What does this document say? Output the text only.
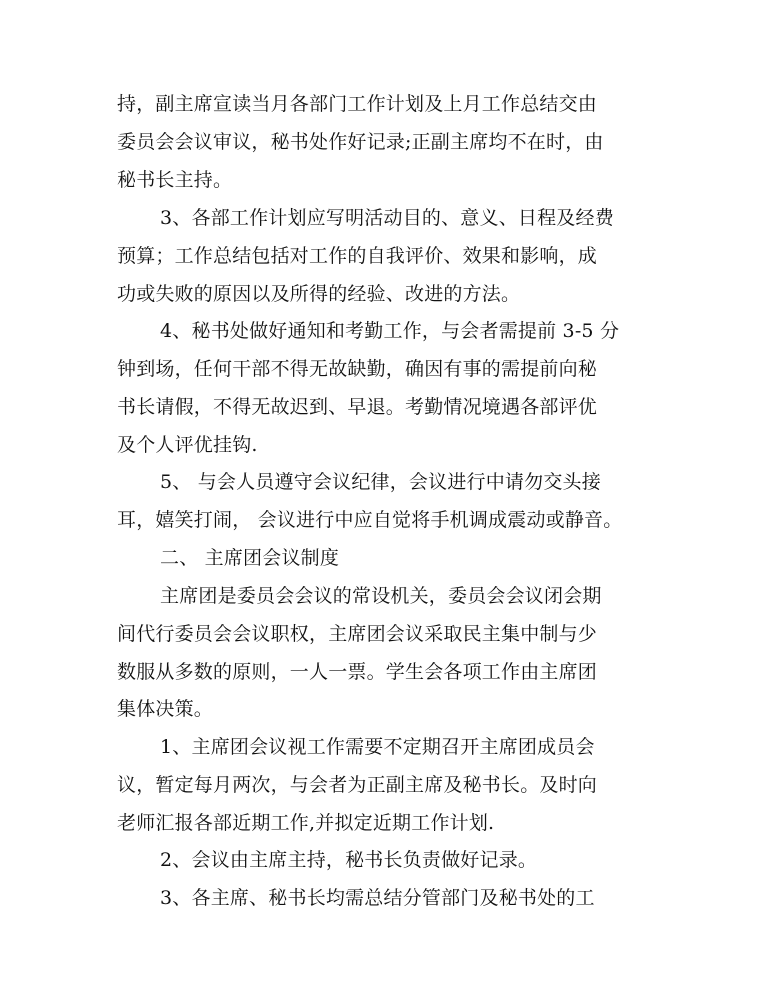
持，副主席宣读当月各部门工作计划及上月工作总结交由
委员会会议审议，秘书处作好记录;正副主席均不在时，由
秘书长主持。
3、各部工作计划应写明活动目的、意义、日程及经费
预算；工作总结包括对工作的自我评价、效果和影响，成
功或失败的原因以及所得的经验、改进的方法。
4、秘书处做好通知和考勤工作，与会者需提前 3-5 分
钟到场，任何干部不得无故缺勤，确因有事的需提前向秘
书长请假，不得无故迟到、早退。考勤情况境遇各部评优
及个人评优挂钩.
5、 与会人员遵守会议纪律，会议进行中请勿交头接
耳，嬉笑打闹， 会议进行中应自觉将手机调成震动或静音。
二、 主席团会议制度
主席团是委员会会议的常设机关，委员会会议闭会期
间代行委员会会议职权，主席团会议采取民主集中制与少
数服从多数的原则，一人一票。学生会各项工作由主席团
集体决策。
1、主席团会议视工作需要不定期召开主席团成员会
议，暂定每月两次，与会者为正副主席及秘书长。及时向
老师汇报各部近期工作,并拟定近期工作计划.
2、会议由主席主持，秘书长负责做好记录。
3、各主席、秘书长均需总结分管部门及秘书处的工
